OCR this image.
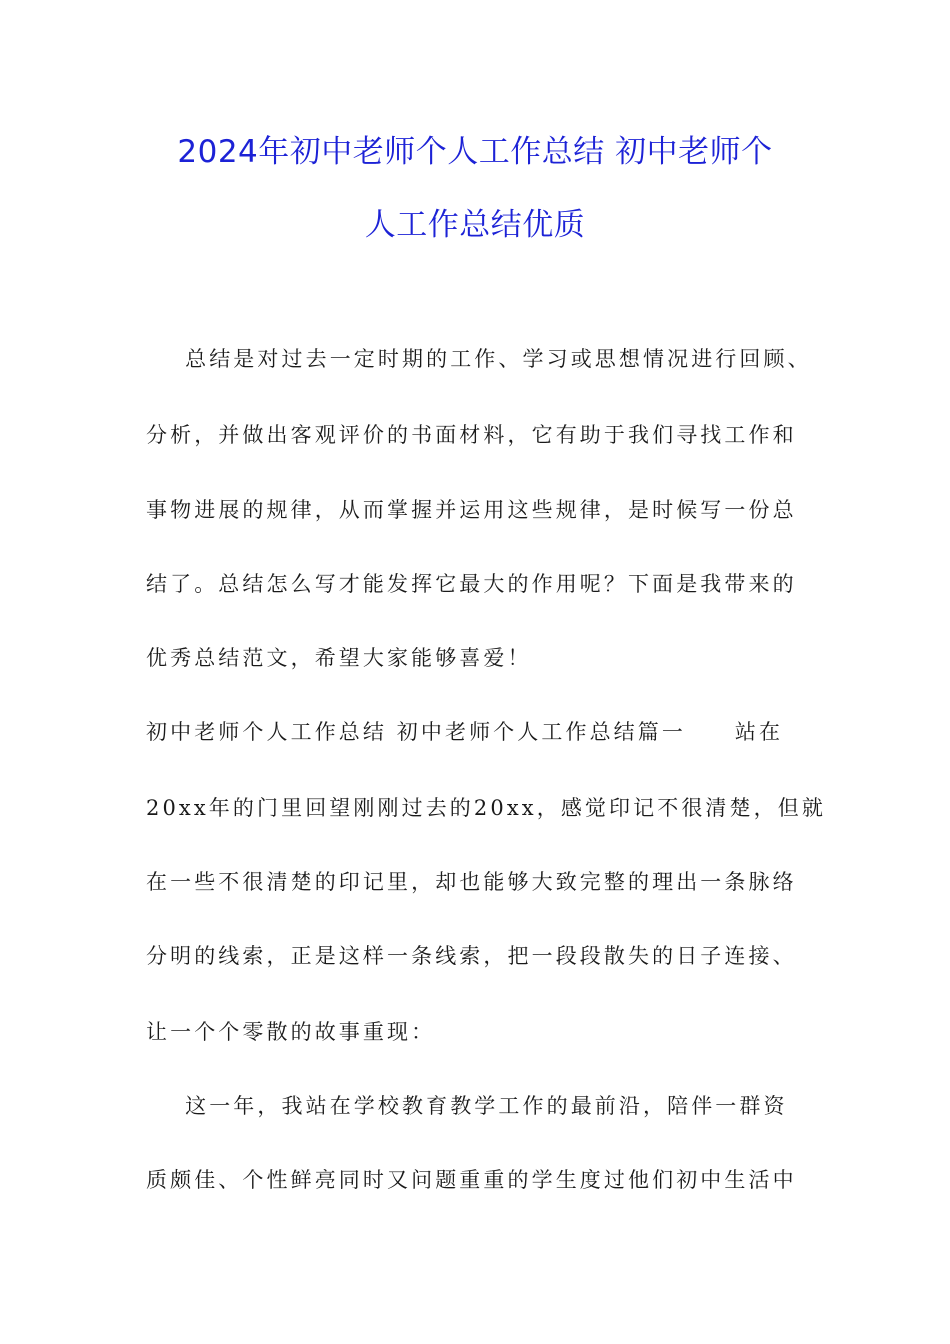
2024年初中老师个人工作总结 初中老师个
人工作总结优质
总结是对过去一定时期的工作、学习或思想情况进行回顾、
分析，并做出客观评价的书面材料，它有助于我们寻找工作和
事物进展的规律，从而掌握并运用这些规律，是时候写一份总
结了。总结怎么写才能发挥它最大的作用呢？下面是我带来的
优秀总结范文，希望大家能够喜爱！
初中老师个人工作总结 初中老师个人工作总结篇一     站在
20xx年的门里回望刚刚过去的20xx，感觉印记不很清楚，但就
在一些不很清楚的印记里，却也能够大致完整的理出一条脉络
分明的线索，正是这样一条线索，把一段段散失的日子连接、
让一个个零散的故事重现：
这一年，我站在学校教育教学工作的最前沿，陪伴一群资
质颇佳、个性鲜亮同时又问题重重的学生度过他们初中生活中
